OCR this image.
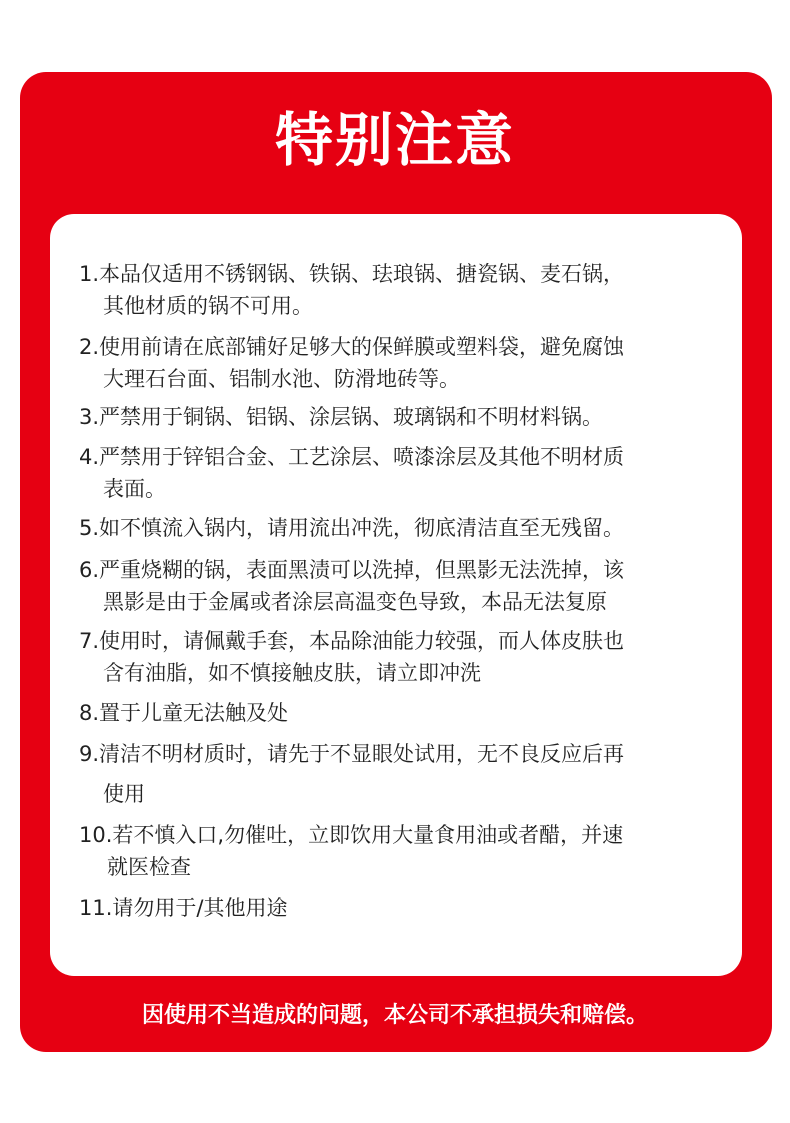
特别注意
1.本品仅适用不锈钢锅、铁锅、珐琅锅、搪瓷锅、麦石锅，
其他材质的锅不可用。
2.使用前请在底部铺好足够大的保鲜膜或塑料袋，避免腐蚀
大理石台面、铝制水池、防滑地砖等。
3.严禁用于铜锅、铝锅、涂层锅、玻璃锅和不明材料锅。
4.严禁用于锌铝合金、工艺涂层、喷漆涂层及其他不明材质
表面。
5.如不慎流入锅内，请用流出冲洗，彻底清洁直至无残留。
6.严重烧糊的锅，表面黑渍可以洗掉，但黑影无法洗掉，该
黑影是由于金属或者涂层高温变色导致，本品无法复原
7.使用时，请佩戴手套，本品除油能力较强，而人体皮肤也
含有油脂，如不慎接触皮肤，请立即冲洗
8.置于儿童无法触及处
9.清洁不明材质时，请先于不显眼处试用，无不良反应后再
使用
10.若不慎入口,勿催吐，立即饮用大量食用油或者醋，并速
就医检查
11.请勿用于/其他用途
因使用不当造成的问题，本公司不承担损失和赔偿。
